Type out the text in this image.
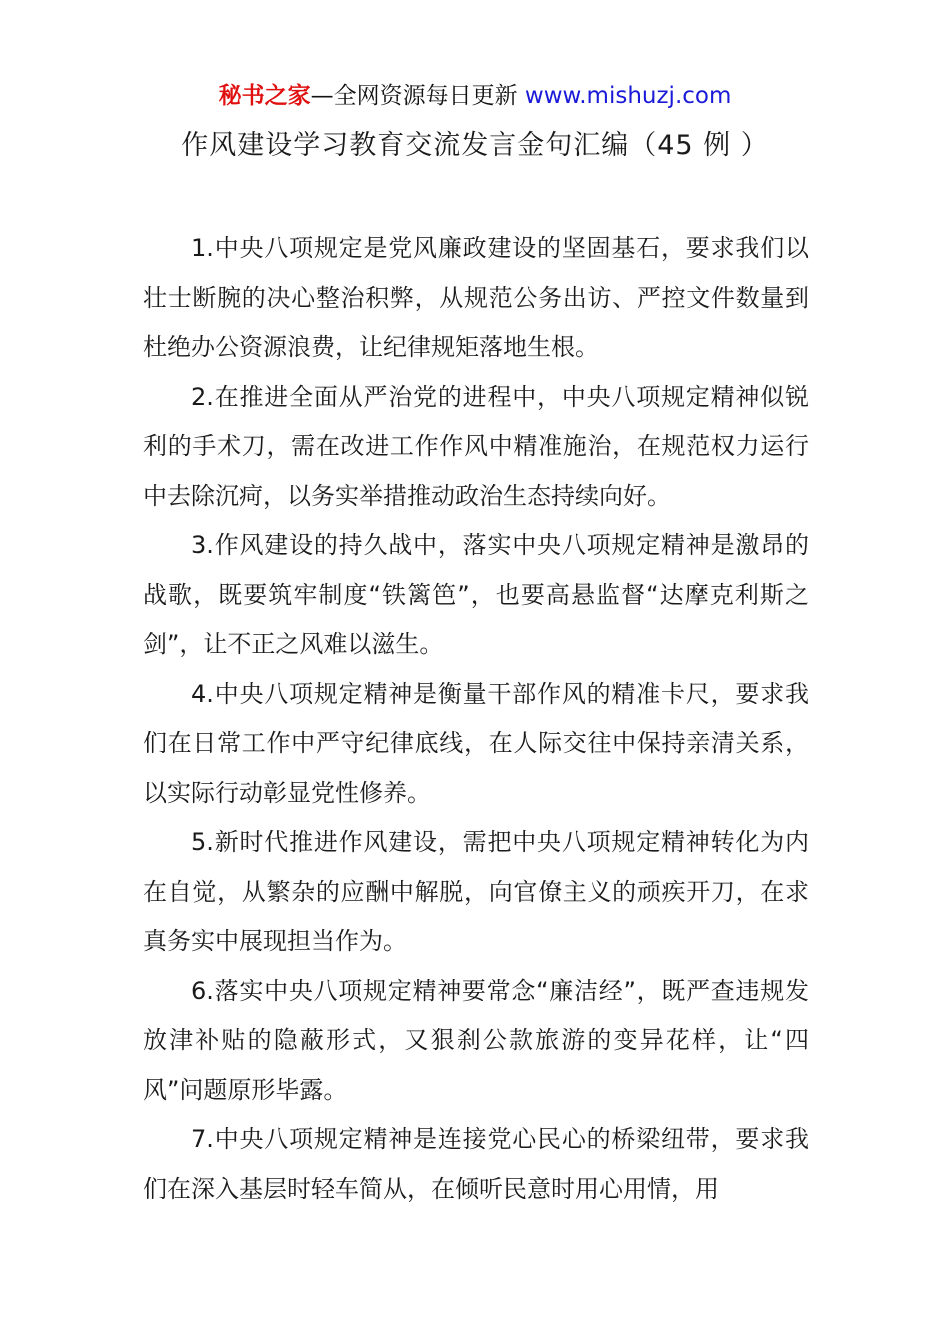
秘书之家—全网资源每日更新 www.mishuzj.com
作风建设学习教育交流发言金句汇编（45 例 ）

1.中央八项规定是党风廉政建设的坚固基石，要求我们以壮士断腕的决心整治积弊，从规范公务出访、严控文件数量到杜绝办公资源浪费，让纪律规矩落地生根。

2.在推进全面从严治党的进程中，中央八项规定精神似锐利的手术刀，需在改进工作作风中精准施治，在规范权力运行中去除沉疴，以务实举措推动政治生态持续向好。

3.作风建设的持久战中，落实中央八项规定精神是激昂的战歌，既要筑牢制度“铁篱笆”，也要高悬监督“达摩克利斯之剑”，让不正之风难以滋生。

4.中央八项规定精神是衡量干部作风的精准卡尺，要求我们在日常工作中严守纪律底线，在人际交往中保持亲清关系，以实际行动彰显党性修养。

5.新时代推进作风建设，需把中央八项规定精神转化为内在自觉，从繁杂的应酬中解脱，向官僚主义的顽疾开刀，在求真务实中展现担当作为。

6.落实中央八项规定精神要常念“廉洁经”，既严查违规发放津补贴的隐蔽形式，又狠刹公款旅游的变异花样，让“四风”问题原形毕露。

7.中央八项规定精神是连接党心民心的桥梁纽带，要求我们在深入基层时轻车简从，在倾听民意时用心用情，用
